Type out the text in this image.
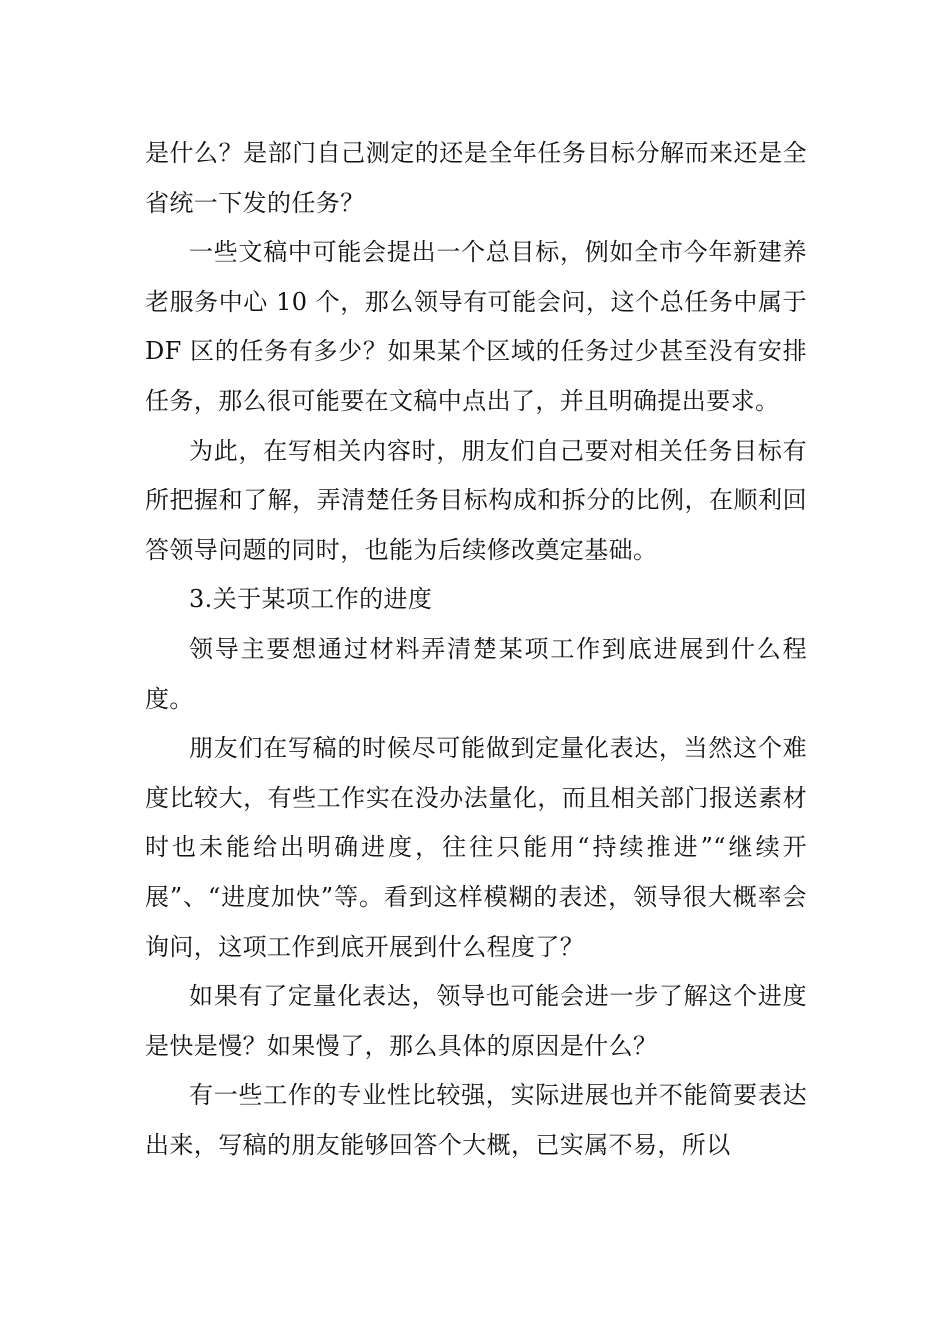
是什么？是部门自己测定的还是全年任务目标分解而来还是全省统一下发的任务？

一些文稿中可能会提出一个总目标，例如全市今年新建养老服务中心 10 个，那么领导有可能会问，这个总任务中属于 DF 区的任务有多少？如果某个区域的任务过少甚至没有安排任务，那么很可能要在文稿中点出了，并且明确提出要求。

为此，在写相关内容时，朋友们自己要对相关任务目标有所把握和了解，弄清楚任务目标构成和拆分的比例，在顺利回答领导问题的同时，也能为后续修改奠定基础。

3.关于某项工作的进度

领导主要想通过材料弄清楚某项工作到底进展到什么程度。

朋友们在写稿的时候尽可能做到定量化表达，当然这个难度比较大，有些工作实在没办法量化，而且相关部门报送素材时也未能给出明确进度，往往只能用“持续推进”“继续开展”、“进度加快”等。看到这样模糊的表述，领导很大概率会询问，这项工作到底开展到什么程度了？

如果有了定量化表达，领导也可能会进一步了解这个进度是快是慢？如果慢了，那么具体的原因是什么？

有一些工作的专业性比较强，实际进展也并不能简要表达出来，写稿的朋友能够回答个大概，已实属不易，所以
